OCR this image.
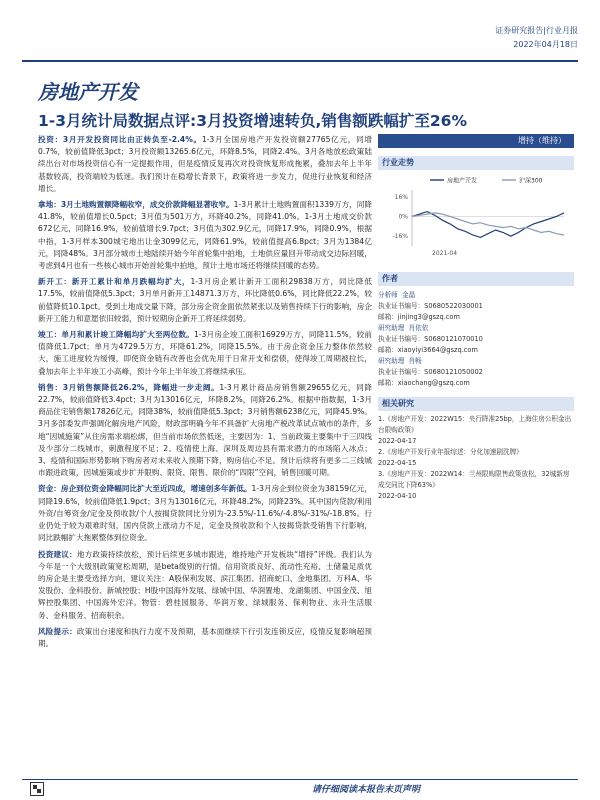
证券研究报告|行业月报
2022年04月18日
房地产开发
1-3月统计局数据点评:3月投资增速转负,销售额跌幅扩至26%

投资：3月开发投资同比由正转负至-2.4%。1-3月全国房地产开发投资额27765亿元，同增0.7%，较前值降低3pct；3月投资额13265.6亿元，环降8.5%，同降2.4%。3月各地放松政策陆续出台对市场投资信心有一定提振作用，但是疫情反复再次对投资恢复形成拖累，叠加去年上半年基数较高，投资端较为低迷。我们预计在稳增长背景下，政策将进一步发力，促进行业恢复和经济增长。

拿地：3月土地购置额降幅收窄，成交价款降幅显著收窄。1-3月累计土地购置面积1339万方，同降41.8%，较前值增长0.5pct；3月值为501万方，环降40.2%，同降41.0%。1-3月土地成交价款672亿元，同降16.9%，较前值增长9.7pct；3月值为302.9亿元，同降17.9%，同降0.9%，根据中指，1-3月样本300城宅地出让金3099亿元，同降61.9%，较前值提高6.8pct；3月为1384亿元，同降48%。3月部分城市土地陆续开始今年首轮集中拍地，土地供应量回升带动成交边际回暖，考虑到4月也有一些核心城市开始首轮集中拍地，预计土地市场还将继续回暖的态势。

新开工：新开工累计和单月跌幅均扩大，1-3月房企累计新开工面积29838万方，同比降低17.5%，较前值降低5.3pct；3月单月新开工14871.3万方，环比降低0.6%，同比降低22.2%，较前值降低10.1pct。受到土地成交量下降，部分房企资金面依然紧张以及销售持续下行的影响，房企新开工能力和意愿依旧较弱，预计短期房企新开工将延续弱势。

竣工：单月和累计竣工降幅均扩大至两位数。1-3月房企竣工面积16929万方，同降11.5%，较前值降低1.7pct；单月为4729.5万方，环降61.2%，同降15.5%。由于房企资金压力整体依然较大，施工进度较为缓慢，即使资金链有改善也会优先用于日常开支和偿债，使得竣工周期被拉长，叠加去年上半年竣工小高峰，预计今年上半年竣工将继续承压。

销售：3月销售额降低26.2%，降幅进一步走阔。1-3月累计商品房销售额29655亿元，同降22.7%，较前值降低3.4pct；3月为13016亿元，环降8.2%，同降26.2%。根据中指数据，1-3月商品住宅销售额17826亿元，同降38%，较前值降低5.3pct；3月销售额6238亿元，同降45.9%。3月多部委发声强调化解房地产风险，财政部明确今年不具备扩大房地产税改革试点城市的条件，多地“因城施策”从住房需求端松绑，但当前市场依然低迷，主要因为：1、当前政策主要集中于三四线及少部分二线城市，刺激程度不足；2、疫情使上海、深圳及周边县有需求潜力的市场陷入冰点；3、疫情和国际形势影响下购房者对未来收入预期下降，购房信心不足。预计后续将有更多二三线城市跟进政策，因城施策或步扩并限购、限贷、限售、限价的“四限”空间，销售回暖可期。

资金：房企到位资金降幅同比扩大至近四成，增速创多年新低。1-3月房企到位资金为38159亿元，同降19.6%，较前值降低1.9pct；3月为13016亿元，环降48.2%，同降23%。其中国内贷款/利用外资/自筹资金/定金及预收款/个人按揭贷款同比分别为-23.5%/-11.6%/-4.8%/-31%/-18.8%。行业仍处于较为艰难时刻，国内贷款上涨动力不足，定金及预收款和个人按揭贷款受销售下行影响，同比跌幅扩大拖累整体到位资金。

投资建议：地方政策持续放松，预计后续更多城市跟进，维持地产开发板块“增持”评级。我们认为今年是一个大级别政策宽松周期，是beta级别的行情。信用资质良好、流动性充裕、土储量足质优的房企是主要受选择方向，建议关注：A股保利发展、滨江集团、招商蛇口、金地集团、万科A、华发股份、金科股份、新城控股；H股中国海外发展、绿城中国、华润置地、龙湖集团、中国金茂、旭辉控股集团、中国海外宏洋。物管：碧桂园服务、华润万象、绿城服务、保利物业、永升生活服务、金科服务、招商积余。

风险提示：政策出台速度和执行力度不及预期，基本面继续下行引发连锁反应，疫情反复影响超预期。

增持（维持）
行业走势
房地产开发	沪深300
16%
0%
-16%
2021-04
作者
分析师 金晶
执业证书编号：S0680522030001
邮箱：jinjing3@gszq.com
研究助理 肖依依
执业证书编号：S0680121070010
邮箱：xiaoyiyi3664@gszq.com
研究助理 肖畅
执业证书编号：S0680121050002
邮箱：xiaochang@gszq.com
相关研究
1.《房地产开发：2022W15：央行降准25bp，上海住房公积金出台限购政策》
2022-04-17
2.《房地产开发行业年报综述：分化加速剧洗牌》
2022-04-15
3.《房地产开发：2022W14：兰州限购限售政策放松，32城新房成交同比下降63%》
2022-04-10
请仔细阅读本报告末页声明
